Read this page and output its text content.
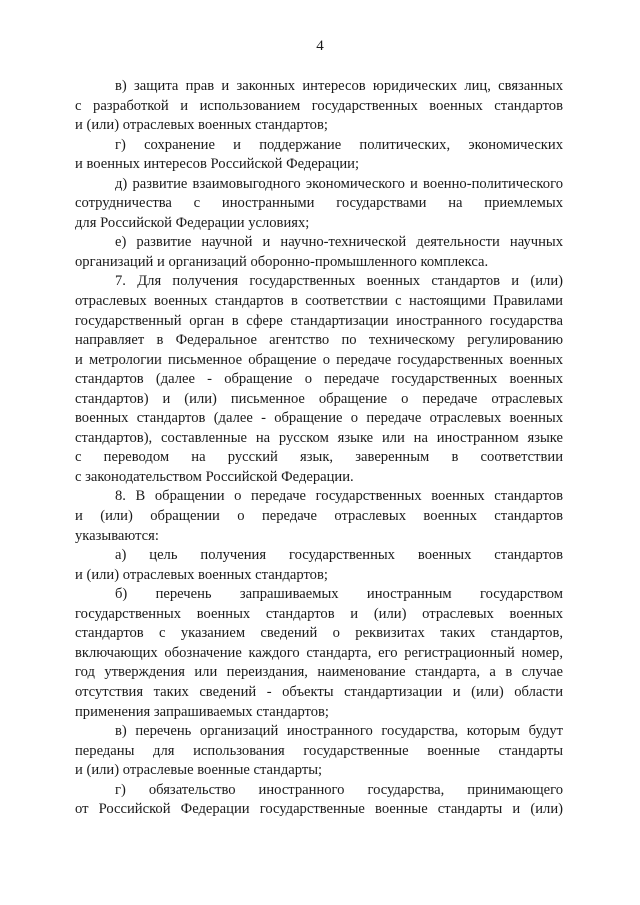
4
в) защита прав и законных интересов юридических лиц, связанных
с разработкой и использованием государственных военных стандартов
и (или) отраслевых военных стандартов;
г) сохранение и поддержание политических, экономических
и военных интересов Российской Федерации;
д) развитие взаимовыгодного экономического и военно-политического
сотрудничества с иностранными государствами на приемлемых
для Российской Федерации условиях;
е) развитие научной и научно-технической деятельности научных
организаций и организаций оборонно-промышленного комплекса.
7. Для получения государственных военных стандартов и (или)
отраслевых военных стандартов в соответствии с настоящими Правилами
государственный орган в сфере стандартизации иностранного государства
направляет в Федеральное агентство по техническому регулированию
и метрологии письменное обращение о передаче государственных военных
стандартов (далее - обращение о передаче государственных военных
стандартов) и (или) письменное обращение о передаче отраслевых
военных стандартов (далее - обращение о передаче отраслевых военных
стандартов), составленные на русском языке или на иностранном языке
с переводом на русский язык, заверенным в соответствии
с законодательством Российской Федерации.
8. В обращении о передаче государственных военных стандартов
и (или) обращении о передаче отраслевых военных стандартов
указываются:
а) цель получения государственных военных стандартов
и (или) отраслевых военных стандартов;
б) перечень запрашиваемых иностранным государством
государственных военных стандартов и (или) отраслевых военных
стандартов с указанием сведений о реквизитах таких стандартов,
включающих обозначение каждого стандарта, его регистрационный номер,
год утверждения или переиздания, наименование стандарта, а в случае
отсутствия таких сведений - объекты стандартизации и (или) области
применения запрашиваемых стандартов;
в) перечень организаций иностранного государства, которым будут
переданы для использования государственные военные стандарты
и (или) отраслевые военные стандарты;
г) обязательство иностранного государства, принимающего
от Российской Федерации государственные военные стандарты и (или)
